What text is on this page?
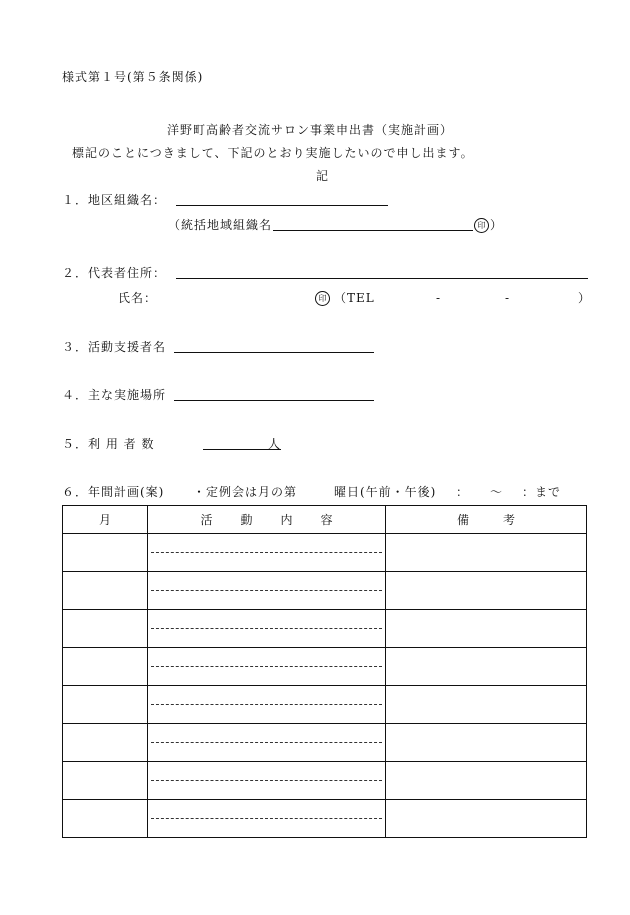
様式第１号(第５条関係)
洋野町高齢者交流サロン事業申出書（実施計画）
標記のことにつきまして、下記のとおり実施したいので申し出ます。
記
１．地区組織名：
（統括地域組織名	印 ）
２．代表者住所：
氏名：	印 （TEL	-	-	）
３．活動支援者名
４．主な実施場所
５．利 用 者 数	人
６．年間計画(案) ・定例会は月の第	曜日(午前・午後) ： ～ ：まで
月	活動内容	備考
